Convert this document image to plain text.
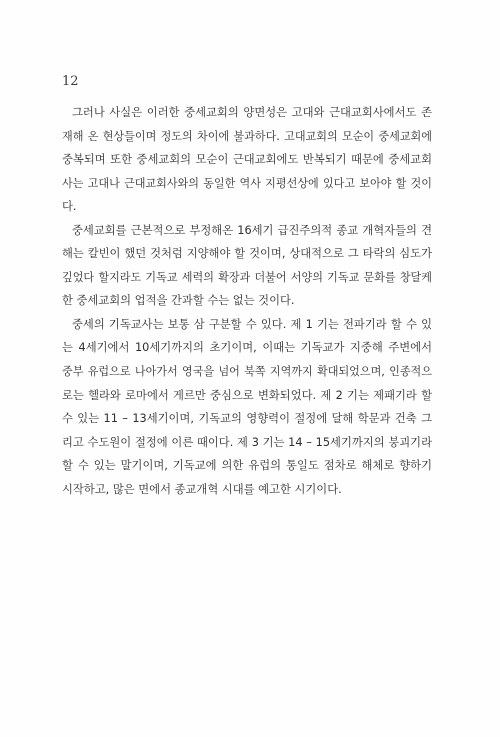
12
그러나 사실은 이러한 중세교회의 양면성은 고대와 근대교회사에서도 존
재해 온 현상들이며 정도의 차이에 불과하다. 고대교회의 모순이 중세교회에
중복되며 또한 중세교회의 모순이 근대교회에도 반복되기 때문에 중세교회
사는 고대나 근대교회사와의 동일한 역사 지평선상에 있다고 보아야 할 것이
다.
중세교회를 근본적으로 부정해온 16세기 급진주의적 종교 개혁자들의 견
해는 칼빈이 했던 것처럼 지양해야 할 것이며, 상대적으로 그 타락의 심도가
깊었다 할지라도 기독교 세력의 확장과 더불어 서양의 기독교 문화를 창달케
한 중세교회의 업적을 간과할 수는 없는 것이다.
중세의 기독교사는 보통 삼 구분할 수 있다. 제 1 기는 전파기라 할 수 있
는 4세기에서 10세기까지의 초기이며, 이때는 기독교가 지중해 주변에서
중부 유럽으로 나아가서 영국을 넘어 북쪽 지역까지 확대되었으며, 인종적으
로는 헬라와 로마에서 게르만 중심으로 변화되었다. 제 2 기는 제패기라 할
수 있는 11 – 13세기이며, 기독교의 영향력이 절정에 달해 학문과 건축 그
리고 수도원이 절정에 이른 때이다. 제 3 기는 14 – 15세기까지의 붕괴기라
할 수 있는 말기이며, 기독교에 의한 유럽의 통일도 점차로 해체로 향하기
시작하고, 많은 면에서 종교개혁 시대를 예고한 시기이다.
